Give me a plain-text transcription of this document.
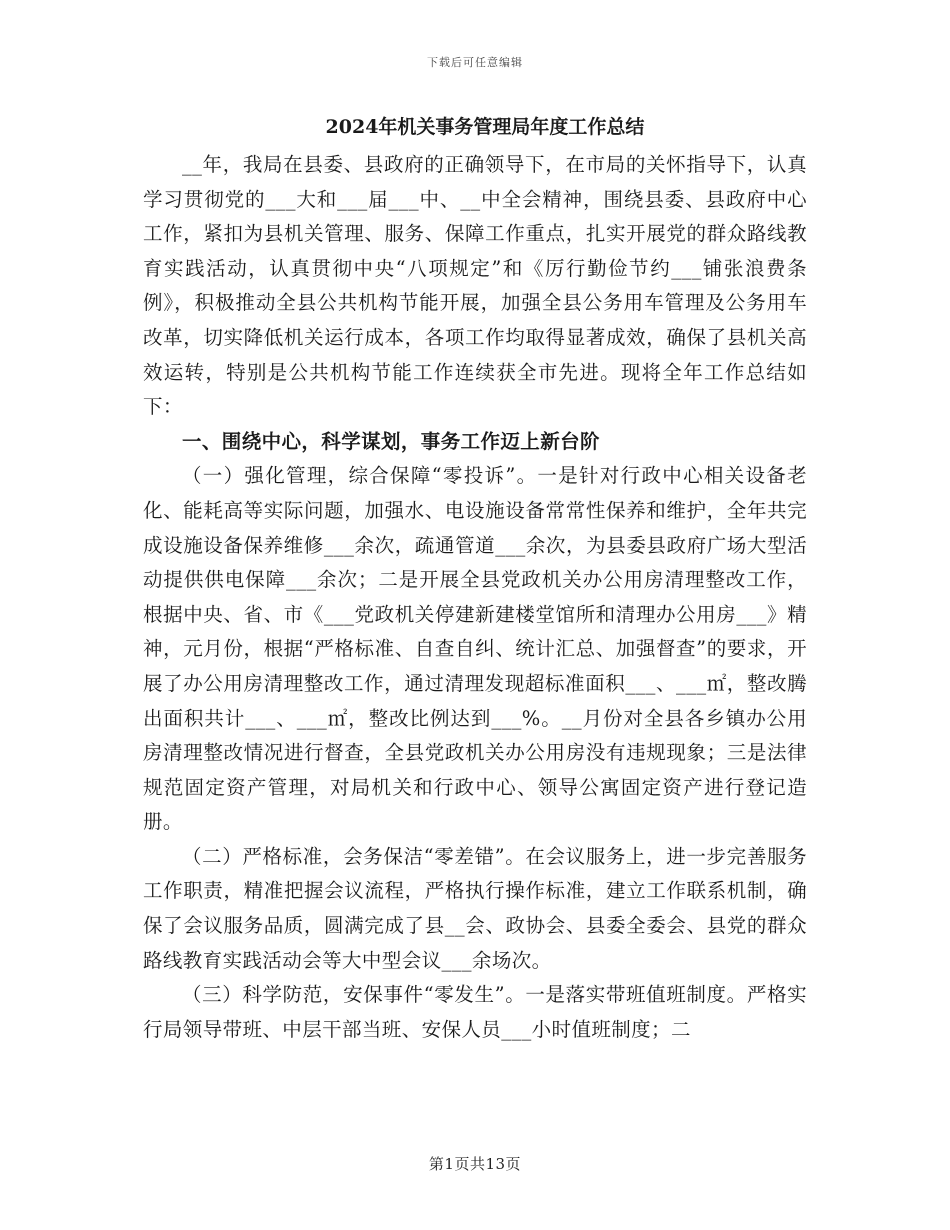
下载后可任意编辑
2024年机关事务管理局年度工作总结

__年，我局在县委、县政府的正确领导下，在市局的关怀指导下，认真学习贯彻党的___大和___届___中、__中全会精神，围绕县委、县政府中心工作，紧扣为县机关管理、服务、保障工作重点，扎实开展党的群众路线教育实践活动，认真贯彻中央“八项规定”和《厉行勤俭节约___铺张浪费条例》，积极推动全县公共机构节能开展，加强全县公务用车管理及公务用车改革，切实降低机关运行成本，各项工作均取得显著成效，确保了县机关高效运转，特别是公共机构节能工作连续获全市先进。现将全年工作总结如下：

一、围绕中心，科学谋划，事务工作迈上新台阶

（一）强化管理，综合保障“零投诉”。一是针对行政中心相关设备老化、能耗高等实际问题，加强水、电设施设备常常性保养和维护，全年共完成设施设备保养维修___余次，疏通管道___余次，为县委县政府广场大型活动提供供电保障___余次；二是开展全县党政机关办公用房清理整改工作，根据中央、省、市《___党政机关停建新建楼堂馆所和清理办公用房___》精神，元月份，根据“严格标准、自查自纠、统计汇总、加强督查”的要求，开展了办公用房清理整改工作，通过清理发现超标准面积___、___㎡，整改腾出面积共计___、___㎡，整改比例达到___%。__月份对全县各乡镇办公用房清理整改情况进行督查，全县党政机关办公用房没有违规现象；三是法律规范固定资产管理，对局机关和行政中心、领导公寓固定资产进行登记造册。

（二）严格标准，会务保洁“零差错”。在会议服务上，进一步完善服务工作职责，精准把握会议流程，严格执行操作标准，建立工作联系机制，确保了会议服务品质，圆满完成了县__会、政协会、县委全委会、县党的群众路线教育实践活动会等大中型会议___余场次。

（三）科学防范，安保事件“零发生”。一是落实带班值班制度。严格实行局领导带班、中层干部当班、安保人员___小时值班制度；二

第1页共13页
